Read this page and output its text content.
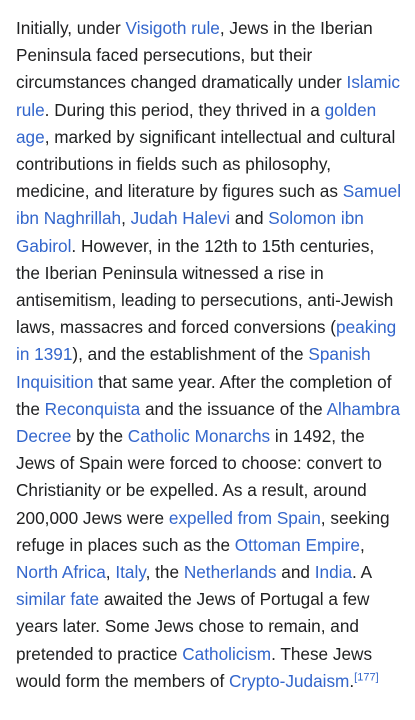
Initially, under Visigoth rule, Jews in the Iberian Peninsula faced persecutions, but their circumstances changed dramatically under Islamic rule. During this period, they thrived in a golden age, marked by significant intellectual and cultural contributions in fields such as philosophy, medicine, and literature by figures such as Samuel ibn Naghrillah, Judah Halevi and Solomon ibn Gabirol. However, in the 12th to 15th centuries, the Iberian Peninsula witnessed a rise in antisemitism, leading to persecutions, anti-Jewish laws, massacres and forced conversions (peaking in 1391), and the establishment of the Spanish Inquisition that same year. After the completion of the Reconquista and the issuance of the Alhambra Decree by the Catholic Monarchs in 1492, the Jews of Spain were forced to choose: convert to Christianity or be expelled. As a result, around 200,000 Jews were expelled from Spain, seeking refuge in places such as the Ottoman Empire, North Africa, Italy, the Netherlands and India. A similar fate awaited the Jews of Portugal a few years later. Some Jews chose to remain, and pretended to practice Catholicism. These Jews would form the members of Crypto-Judaism.[177]
